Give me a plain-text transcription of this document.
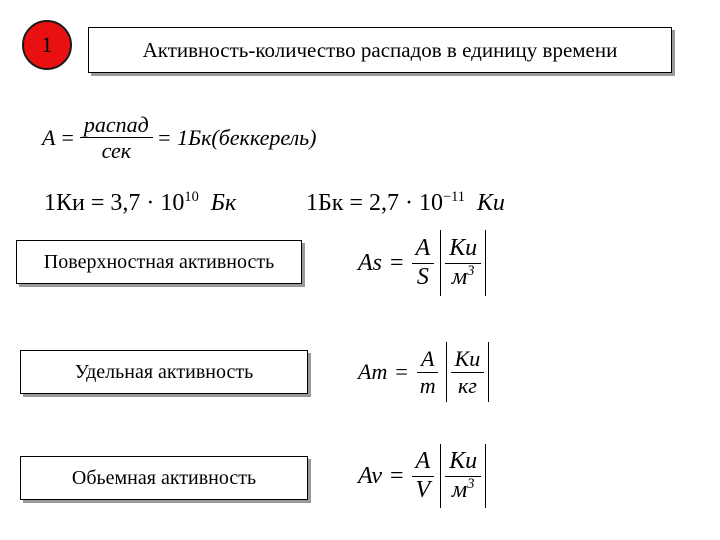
1	Активность-количество распадов в единицу времени
$A = \frac{\text{распад}}{\text{сек}}$ = 1Бк(беккерель)
$1Ки = 3,7 \cdot 10^{10}$ Бк	$1Бк = 2,7 \cdot 10^{-11}$ Ки
Поверхностная активность	$As = \frac{A}{S} \frac{Ки}{м^3}$
Удельная активность	$Am = \frac{A}{m} \frac{Ки}{кг}$
Обьемная активность	$Av = \frac{A}{V} \frac{Ки}{м^3}$
